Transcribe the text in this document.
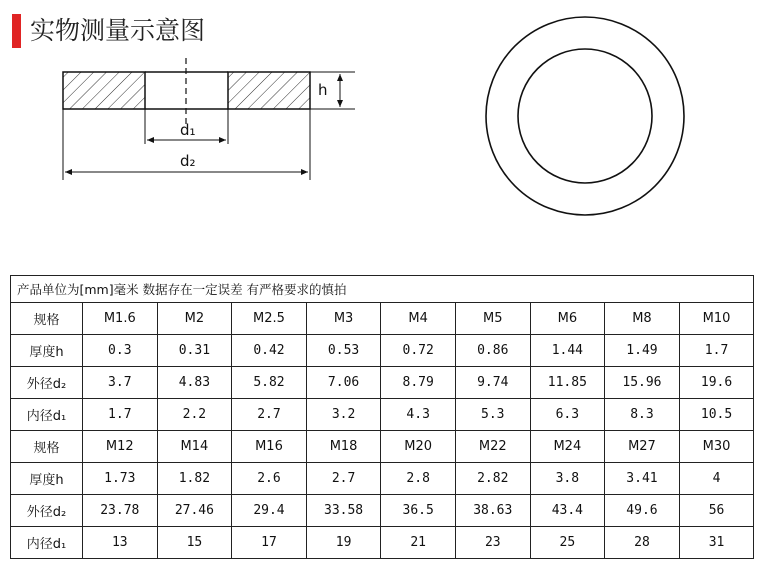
实物测量示意图
h
d₁
d₂
产品单位为[mm]毫米 数据存在一定误差 有严格要求的慎拍									
规格	M1.6	M2	M2.5	M3	M4	M5	M6	M8	M10
厚度h	0.3	0.31	0.42	0.53	0.72	0.86	1.44	1.49	1.7
外径d₂	3.7	4.83	5.82	7.06	8.79	9.74	11.85	15.96	19.6
内径d₁	1.7	2.2	2.7	3.2	4.3	5.3	6.3	8.3	10.5
规格	M12	M14	M16	M18	M20	M22	M24	M27	M30
厚度h	1.73	1.82	2.6	2.7	2.8	2.82	3.8	3.41	4
外径d₂	23.78	27.46	29.4	33.58	36.5	38.63	43.4	49.6	56
内径d₁	13	15	17	19	21	23	25	28	31
